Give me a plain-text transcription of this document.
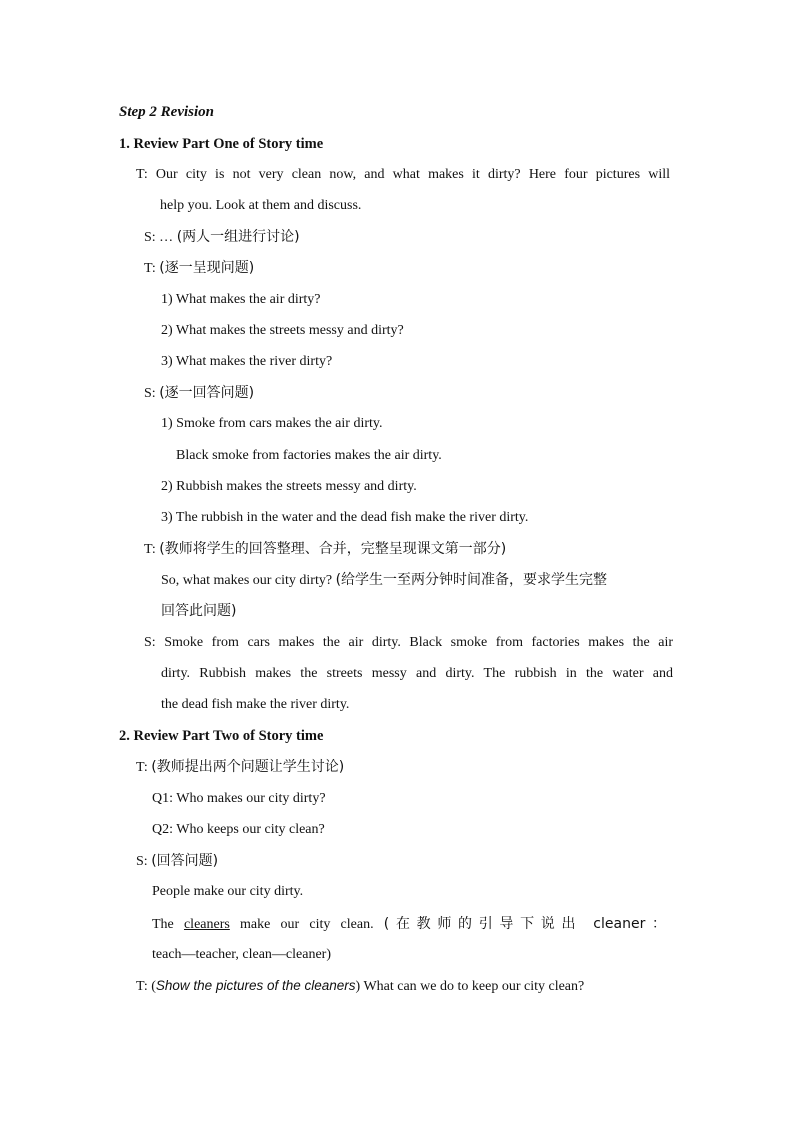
Step 2 Revision
1. Review Part One of Story time
T: Our city is not very clean now, and what makes it dirty? Here four pictures will
help you. Look at them and discuss.
S: … (两人一组进行讨论)
T: (逐一呈现问题)
1) What makes the air dirty?
2) What makes the streets messy and dirty?
3) What makes the river dirty?
S: (逐一回答问题)
1) Smoke from cars makes the air dirty.
Black smoke from factories makes the air dirty.
2) Rubbish makes the streets messy and dirty.
3) The rubbish in the water and the dead fish make the river dirty.
T: (教师将学生的回答整理、合并，完整呈现课文第一部分)
So, what makes our city dirty? (给学生一至两分钟时间准备，要求学生完整
回答此问题)
S: Smoke from cars makes the air dirty. Black smoke from factories makes the air
dirty. Rubbish makes the streets messy and dirty. The rubbish in the water and
the dead fish make the river dirty.
2. Review Part Two of Story time
T: (教师提出两个问题让学生讨论)
Q1: Who makes our city dirty?
Q2: Who keeps our city clean?
S: (回答问题)
People make our city dirty.
The cleaners make our city clean. (在教师的引导下说出 cleaner：
teach—teacher, clean—cleaner)
T: (Show the pictures of the cleaners) What can we do to keep our city clean?
